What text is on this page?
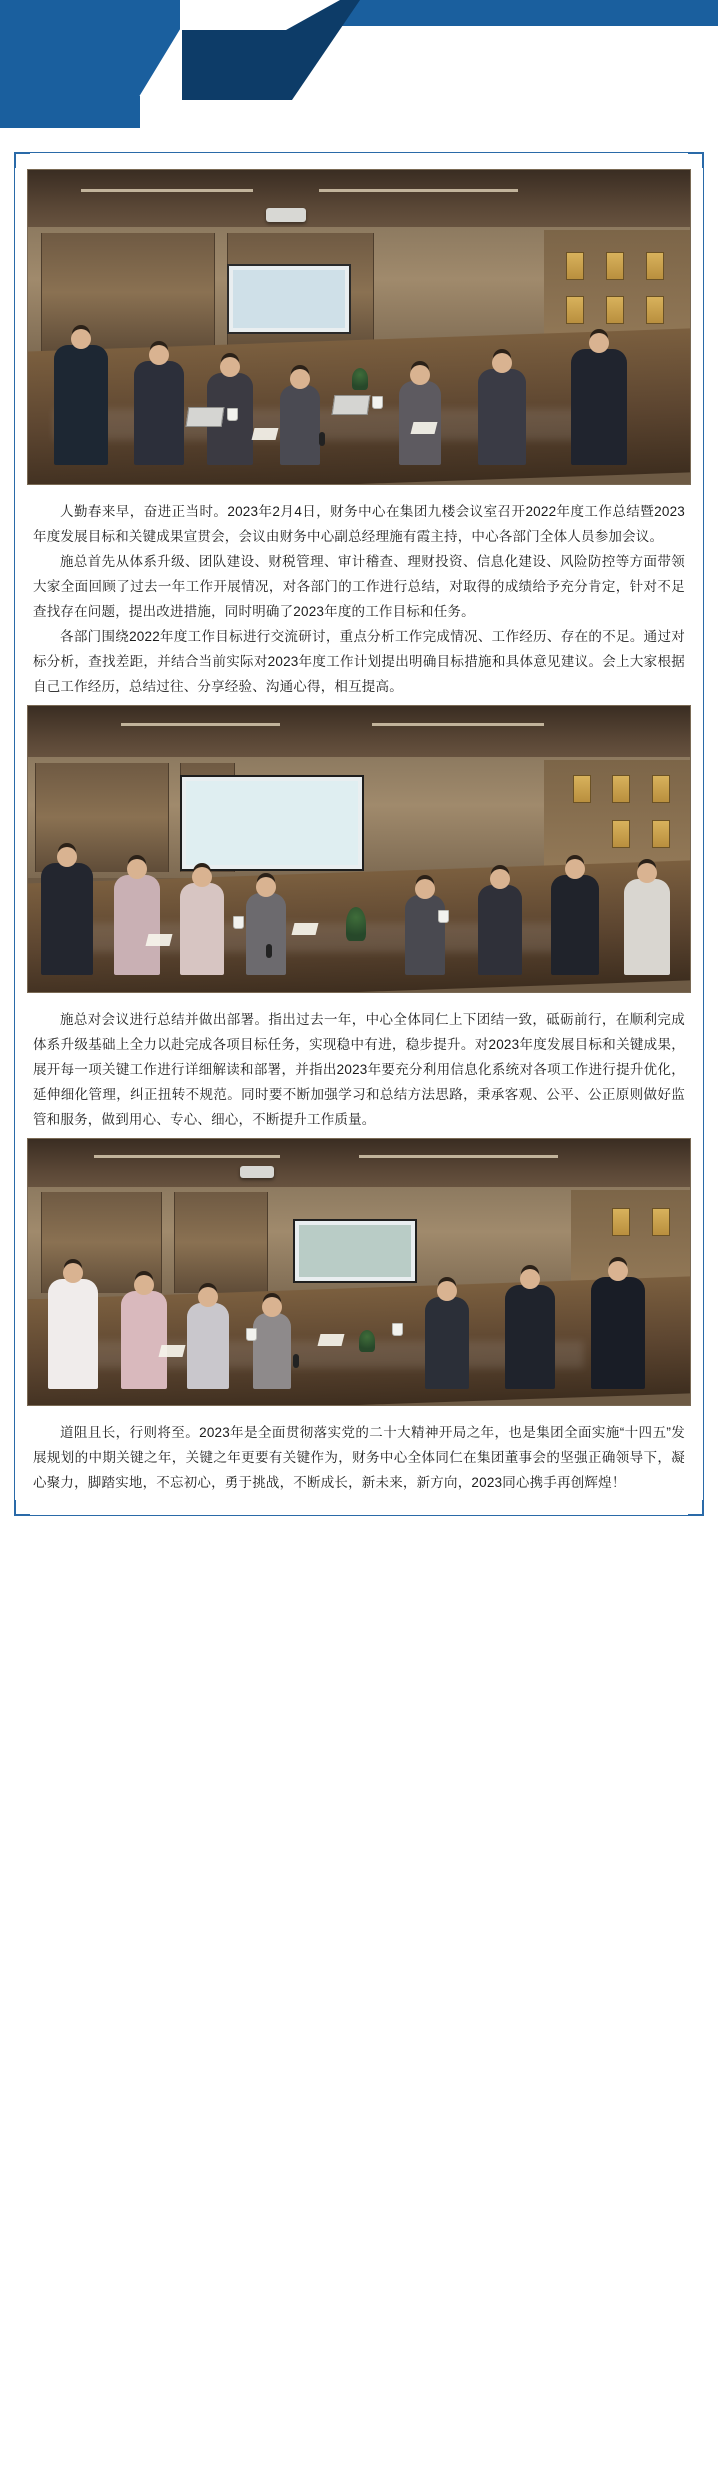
人勤春来早，奋进正当时。2023年2月4日，财务中心在集团九楼会议室召开2022年度工作总结暨2023年度发展目标和关键成果宣贯会，会议由财务中心副总经理施有霞主持，中心各部门全体人员参加会议。

施总首先从体系升级、团队建设、财税管理、审计稽查、理财投资、信息化建设、风险防控等方面带领大家全面回顾了过去一年工作开展情况，对各部门的工作进行总结，对取得的成绩给予充分肯定，针对不足查找存在问题，提出改进措施，同时明确了2023年度的工作目标和任务。

各部门围绕2022年度工作目标进行交流研讨，重点分析工作完成情况、工作经历、存在的不足。通过对标分析，查找差距，并结合当前实际对2023年度工作计划提出明确目标措施和具体意见建议。会上大家根据自己工作经历，总结过往、分享经验、沟通心得，相互提高。

施总对会议进行总结并做出部署。指出过去一年，中心全体同仁上下团结一致，砥砺前行，在顺利完成体系升级基础上全力以赴完成各项目标任务，实现稳中有进，稳步提升。对2023年度发展目标和关键成果，展开每一项关键工作进行详细解读和部署，并指出2023年要充分利用信息化系统对各项工作进行提升优化，延伸细化管理，纠正扭转不规范。同时要不断加强学习和总结方法思路，秉承客观、公平、公正原则做好监管和服务，做到用心、专心、细心，不断提升工作质量。

道阻且长，行则将至。2023年是全面贯彻落实党的二十大精神开局之年，也是集团全面实施“十四五”发展规划的中期关键之年，关键之年更要有关键作为，财务中心全体同仁在集团董事会的坚强正确领导下，凝心聚力，脚踏实地，不忘初心，勇于挑战，不断成长，新未来，新方向，2023同心携手再创辉煌！
